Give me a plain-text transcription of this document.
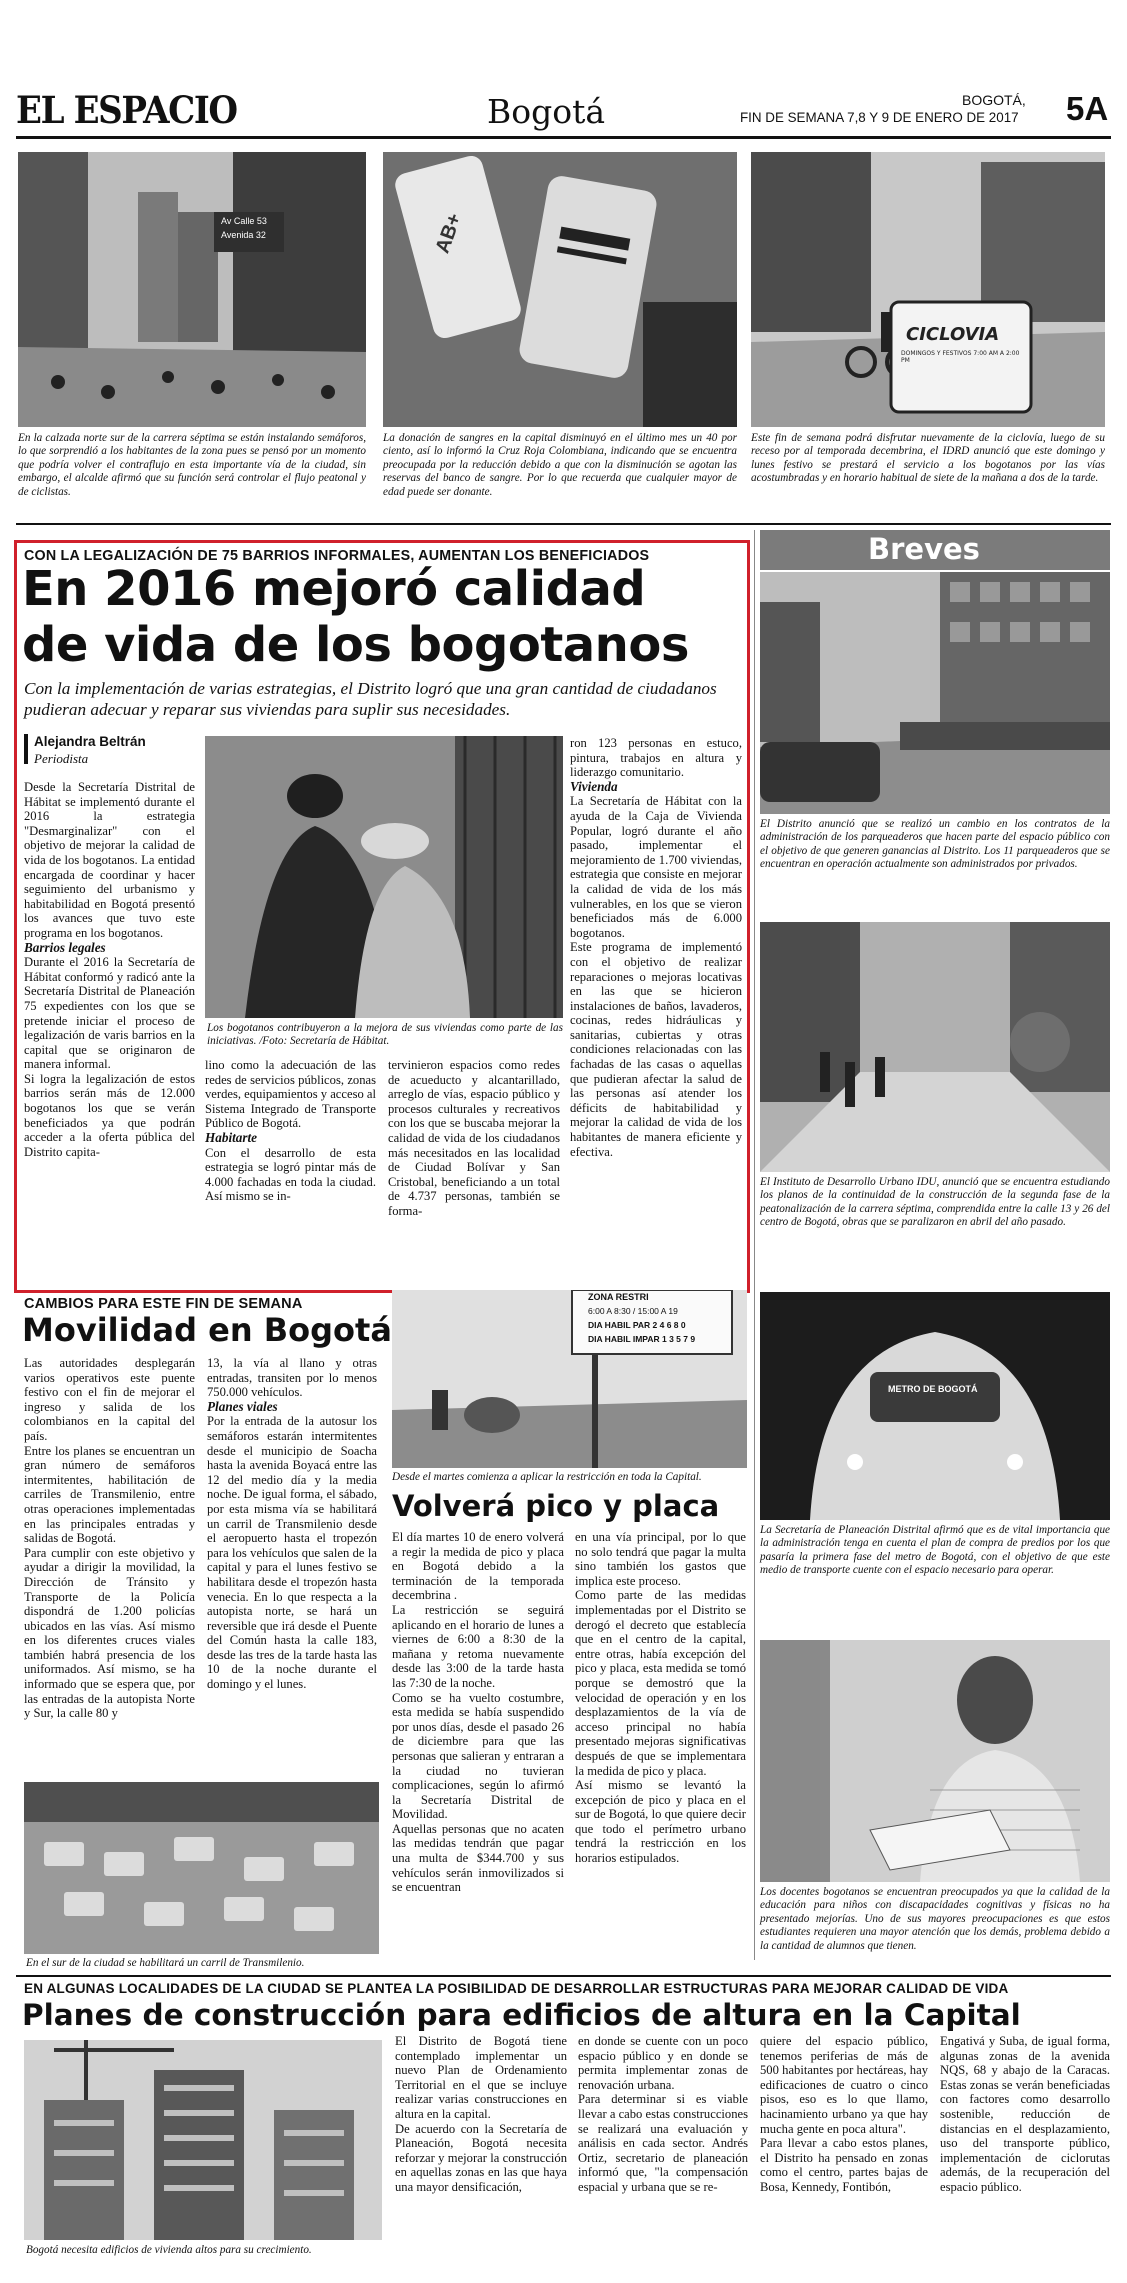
EL ESPACIO	Bogotá	BOGOTÁ,
FIN DE SEMANA 7,8 Y 9 DE ENERO DE 2017 5A
Av Calle 53
Avenida 32
En la calzada norte sur de la carrera séptima se están instalando semáforos, lo que sorprendió a los habitantes de la zona pues se pensó por un momento que podría volver el contraflujo en esta importante vía de la ciudad, sin embargo, el alcalde afirmó que su función será controlar el flujo peatonal y de ciclistas.
AB+
La donación de sangres en la capital disminuyó en el último mes un 40 por ciento, así lo informó la Cruz Roja Colombiana, indicando que se encuentra preocupada por la reducción debido a que con la disminución se agotan las reservas del banco de sangre. Por lo que recuerda que cualquier mayor de edad puede ser donante.
CICLOVIA
DOMINGOS Y FESTIVOS 7:00 AM A 2:00 PM
Este fin de semana podrá disfrutar nuevamente de la ciclovía, luego de su receso por al temporada decembrina, el IDRD anunció que este domingo y lunes festivo se prestará el servicio a los bogotanos por las vías acostumbradas y en horario habitual de siete de la mañana a dos de la tarde.
CON LA LEGALIZACIÓN DE 75 BARRIOS INFORMALES, AUMENTAN LOS BENEFICIADOS
En 2016 mejoró calidad
de vida de los bogotanos
Con la implementación de varias estrategias, el Distrito logró que una gran cantidad de ciudadanos pudieran adecuar y reparar sus viviendas para suplir sus necesidades.
Alejandra Beltrán
Periodista

Desde la Secretaría Distrital de Hábitat se implementó durante el 2016 la estrategia "Desmarginalizar" con el objetivo de mejorar la calidad de vida de los bogotanos. La entidad encargada de coordinar y hacer seguimiento del urbanismo y habitabilidad en Bogotá presentó los avances que tuvo este programa en los bogotanos.

Barrios legales

Durante el 2016 la Secretaría de Hábitat conformó y radicó ante la Secretaría Distrital de Planeación 75 expedientes con los que se pretende iniciar el proceso de legalización de varis barrios en la capital que se originaron de manera informal.

Si logra la legalización de estos barrios serán más de 12.000 bogotanos los que se verán beneficiados ya que podrán acceder a la oferta pública del Distrito capita-

Los bogotanos contribuyeron a la mejora de sus viviendas como parte de las iniciativas. /Foto: Secretaría de Hábitat.

lino como la adecuación de las redes de servicios públicos, zonas verdes, equipamientos y acceso al Sistema Integrado de Transporte Público de Bogotá.

Habitarte

Con el desarrollo de esta estrategia se logró pintar más de 4.000 fachadas en toda la ciudad. Así mismo se in-

tervinieron espacios como redes de acueducto y alcantarillado, arreglo de vías, espacio público y procesos culturales y recreativos con los que se buscaba mejorar la calidad de vida de los ciudadanos más necesitados en las localidad de Ciudad Bolívar y San Cristobal, beneficiando a un total de 4.737 personas, también se forma-

ron 123 personas en estuco, pintura, trabajos en altura y liderazgo comunitario.

Vivienda

La Secretaría de Hábitat con la ayuda de la Caja de Vivienda Popular, logró durante el año pasado, implementar el mejoramiento de 1.700 viviendas, estrategia que consiste en mejorar la calidad de vida de los más vulnerables, en los que se vieron beneficiados más de 6.000 bogotanos.

Este programa de implementó con el objetivo de realizar reparaciones o mejoras locativas en las que se hicieron instalaciones de baños, lavaderos, cocinas, redes hidráulicas y sanitarias, cubiertas y otras condiciones relacionadas con las fachadas de las casas o aquellas que pudieran afectar la salud de las personas así atender los déficits de habitabilidad y mejorar la calidad de vida de los habitantes de manera eficiente y efectiva.

Breves
El Distrito anunció que se realizó un cambio en los contratos de la administración de los parqueaderos que hacen parte del espacio público con el objetivo de que generen ganancias al Distrito. Los 11 parqueaderos que se encuentran en operación actualmente son administrados por privados.
El Instituto de Desarrollo Urbano IDU, anunció que se encuentra estudiando los planos de la continuidad de la construcción de la segunda fase de la peatonalización de la carrera séptima, comprendida entre la calle 13 y 26 del centro de Bogotá, obras que se paralizaron en abril del año pasado.
METRO DE BOGOTÁ
La Secretaría de Planeación Distrital afirmó que es de vital importancia que la administración tenga en cuenta el plan de compra de predios por los que pasaría la primera fase del metro de Bogotá, con el objetivo de que este medio de transporte cuente con el espacio necesario para operar.
Los docentes bogotanos se encuentran preocupados ya que la calidad de la educación para niños con discapacidades cognitivas y físicas no ha presentado mejorías. Uno de sus mayores preocupaciones es que estos estudiantes requieren una mayor atención que los demás, problema debido a la cantidad de alumnos que tienen.
CAMBIOS PARA ESTE FIN DE SEMANA
Movilidad en Bogotá

Las autoridades desplegarán varios operativos este puente festivo con el fin de mejorar el ingreso y salida de los colombianos en la capital del país.

Entre los planes se encuentran un gran número de semáforos intermitentes, habilitación de carriles de Transmilenio, entre otras operaciones implementadas en las principales entradas y salidas de Bogotá.

Para cumplir con este objetivo y ayudar a dirigir la movilidad, la Dirección de Tránsito y Transporte de la Policía dispondrá de 1.200 policías ubicados en las vías. Así mismo en los diferentes cruces viales también habrá presencia de los uniformados. Así mismo, se ha informado que se espera que, por las entradas de la autopista Norte y Sur, la calle 80 y

13, la vía al llano y otras entradas, transiten por lo menos 750.000 vehículos.

Planes viales

Por la entrada de la autosur los semáforos estarán intermitentes desde el municipio de Soacha hasta la avenida Boyacá entre las 12 del medio día y la media noche. De igual forma, el sábado, por esta misma vía se habilitará un carril de Transmilenio desde el aeropuerto hasta el tropezón para los vehículos que salen de la capital y para el lunes festivo se habilitara desde el tropezón hasta venecia. En lo que respecta a la autopista norte, se hará un reversible que irá desde el Puente del Común hasta la calle 183, desde las tres de la tarde hasta las 10 de la noche durante el domingo y el lunes.

En el sur de la ciudad se habilitará un carril de Transmilenio.
ZONA RESTRI
6:00 A 8:30 / 15:00 A 19
DIA HABIL PAR 2 4 6 8 0
DIA HABIL IMPAR 1 3 5 7 9
Desde el martes comienza a aplicar la restricción en toda la Capital.
Volverá pico y placa

El día martes 10 de enero volverá a regir la medida de pico y placa en Bogotá debido a la terminación de la temporada decembrina .

La restricción se seguirá aplicando en el horario de lunes a viernes de 6:00 a 8:30 de la mañana y retoma nuevamente desde las 3:00 de la tarde hasta las 7:30 de la noche.

Como se ha vuelto costumbre, esta medida se había suspendido por unos días, desde el pasado 26 de diciembre para que las personas que salieran y entraran a la ciudad no tuvieran complicaciones, según lo afirmó la Secretaría Distrital de Movilidad.

Aquellas personas que no acaten las medidas tendrán que pagar una multa de $344.700 y sus vehículos serán inmovilizados si se encuentran

en una vía principal, por lo que no solo tendrá que pagar la multa sino también los gastos que implica este proceso.

Como parte de las medidas implementadas por el Distrito se derogó el decreto que establecía que en el centro de la capital, entre otras, había excepción del pico y placa, esta medida se tomó porque se demostró que la velocidad de operación y en los desplazamientos de la vía de acceso principal no había presentado mejoras significativas después de que se implementara la medida de pico y placa.

Así mismo se levantó la excepción de pico y placa en el sur de Bogotá, lo que quiere decir que todo el perímetro urbano tendrá la restricción en los horarios estipulados.

EN ALGUNAS LOCALIDADES DE LA CIUDAD SE PLANTEA LA POSIBILIDAD DE DESARROLLAR ESTRUCTURAS PARA MEJORAR CALIDAD DE VIDA
Planes de construcción para edificios de altura en la Capital
Bogotá necesita edificios de vivienda altos para su crecimiento.

El Distrito de Bogotá tiene contemplado implementar un nuevo Plan de Ordenamiento Territorial en el que se incluye realizar varias construcciones en altura en la capital.

De acuerdo con la Secretaría de Planeación, Bogotá necesita reforzar y mejorar la construcción en aquellas zonas en las que haya una mayor densificación,

en donde se cuente con un poco espacio público y en donde se permita implementar zonas de renovación urbana.

Para determinar si es viable llevar a cabo estas construcciones se realizará una evaluación y análisis en cada sector. Andrés Ortiz, secretario de planeación informó que, "la compensación espacial y urbana que se re-

quiere del espacio público, tenemos periferias de más de 500 habitantes por hectáreas, hay edificaciones de cuatro o cinco pisos, eso es lo que llamo, hacinamiento urbano ya que hay mucha gente en poca altura".

Para llevar a cabo estos planes, el Distrito ha pensado en zonas como el centro, partes bajas de Bosa, Kennedy, Fontibón,

Engativá y Suba, de igual forma, algunas zonas de la avenida NQS, 68 y abajo de la Caracas. Estas zonas se verán beneficiadas con factores como desarrollo sostenible, reducción de distancias en el desplazamiento, uso del transporte público, implementación de ciclorutas además, de la recuperación del espacio público.
